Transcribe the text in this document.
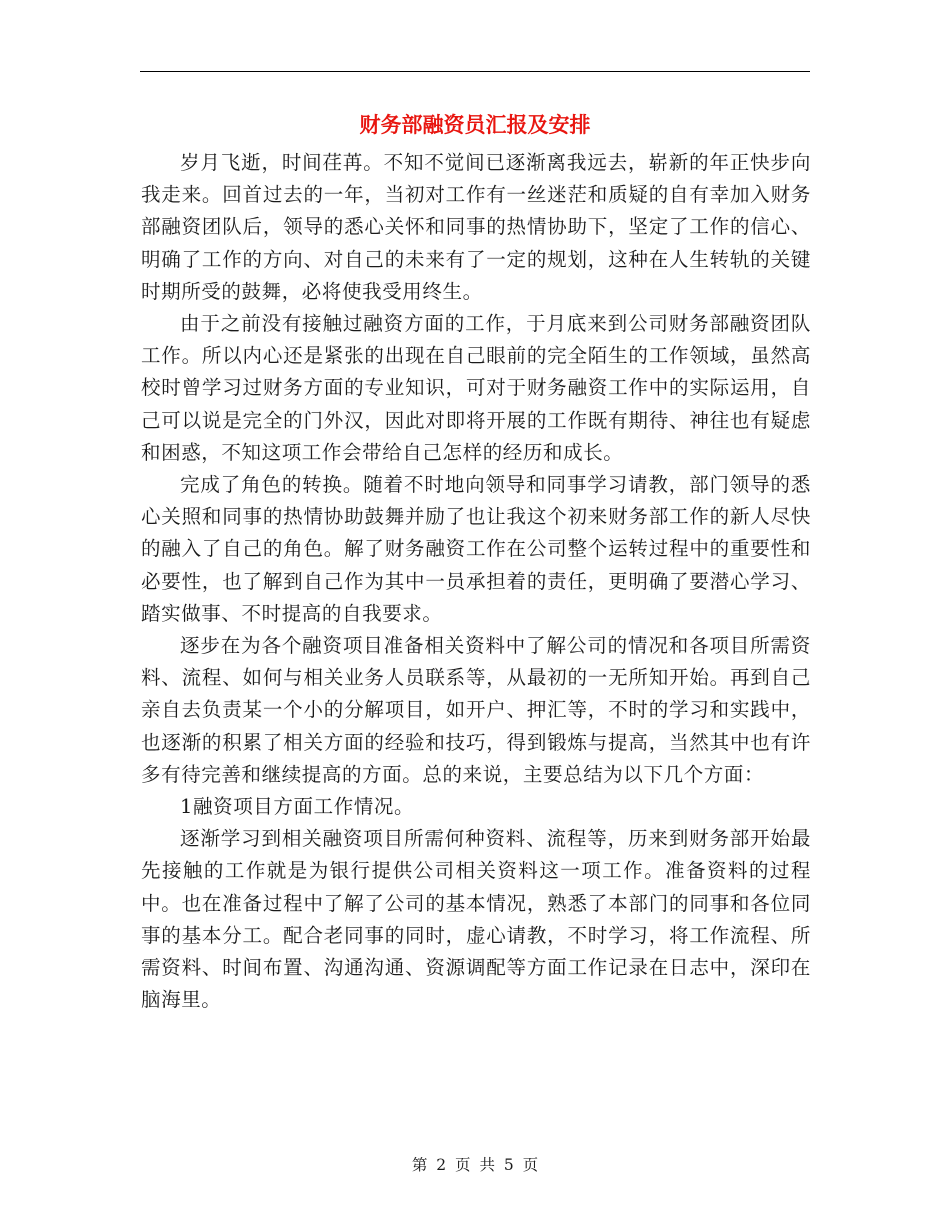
财务部融资员汇报及安排

岁月飞逝，时间荏苒。不知不觉间已逐渐离我远去，崭新的年正快步向我走来。回首过去的一年，当初对工作有一丝迷茫和质疑的自有幸加入财务部融资团队后，领导的悉心关怀和同事的热情协助下，坚定了工作的信心、明确了工作的方向、对自己的未来有了一定的规划，这种在人生转轨的关键时期所受的鼓舞，必将使我受用终生。

由于之前没有接触过融资方面的工作，于月底来到公司财务部融资团队工作。所以内心还是紧张的出现在自己眼前的完全陌生的工作领域，虽然高校时曾学习过财务方面的专业知识，可对于财务融资工作中的实际运用，自己可以说是完全的门外汉，因此对即将开展的工作既有期待、神往也有疑虑和困惑，不知这项工作会带给自己怎样的经历和成长。

完成了角色的转换。随着不时地向领导和同事学习请教，部门领导的悉心关照和同事的热情协助鼓舞并励了也让我这个初来财务部工作的新人尽快的融入了自己的角色。解了财务融资工作在公司整个运转过程中的重要性和必要性，也了解到自己作为其中一员承担着的责任，更明确了要潜心学习、踏实做事、不时提高的自我要求。

逐步在为各个融资项目准备相关资料中了解公司的情况和各项目所需资料、流程、如何与相关业务人员联系等，从最初的一无所知开始。再到自己亲自去负责某一个小的分解项目，如开户、押汇等，不时的学习和实践中，也逐渐的积累了相关方面的经验和技巧，得到锻炼与提高，当然其中也有许多有待完善和继续提高的方面。总的来说，主要总结为以下几个方面：

1融资项目方面工作情况。

逐渐学习到相关融资项目所需何种资料、流程等，历来到财务部开始最先接触的工作就是为银行提供公司相关资料这一项工作。准备资料的过程中。也在准备过程中了解了公司的基本情况，熟悉了本部门的同事和各位同事的基本分工。配合老同事的同时，虚心请教，不时学习，将工作流程、所需资料、时间布置、沟通沟通、资源调配等方面工作记录在日志中，深印在脑海里。

第 2 页 共 5 页
